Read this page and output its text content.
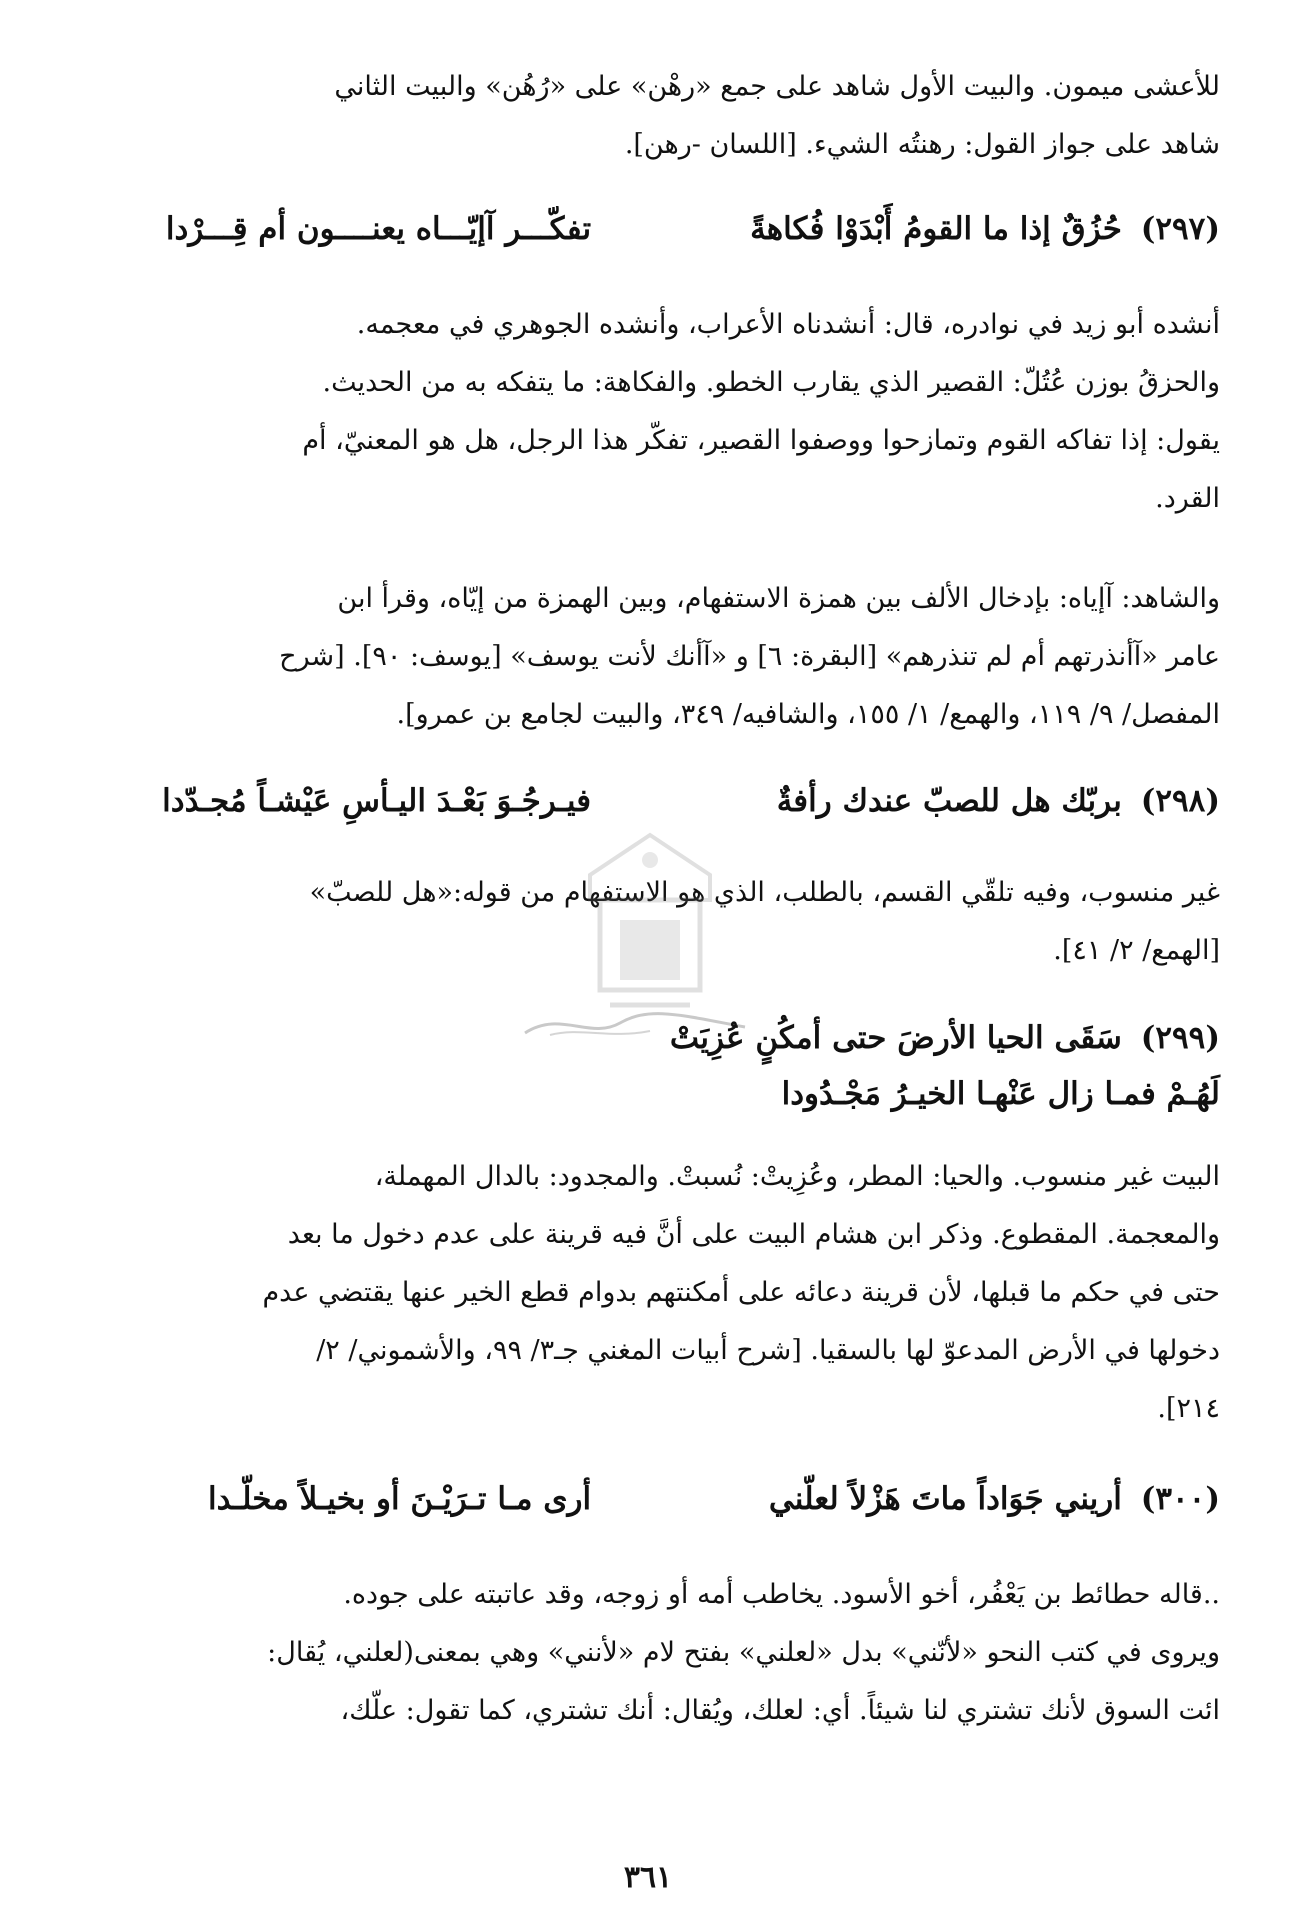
للأعشى ميمون. والبيت الأول شاهد على جمع «رهْن» على «رُهُن» والبيت الثاني
شاهد على جواز القول: رهنتُه الشيء. [اللسان -رهن].
(٢٩٧) حُزُقٌ إذا ما القومُ أَبْدَوْا فُكاهةً تفكّـــر آإيّـــاه يعنــــون أم قِـــرْدا
أنشده أبو زيد في نوادره، قال: أنشدناه الأعراب، وأنشده الجوهري في معجمه.
والحزقُ بوزن عُتُلّ: القصير الذي يقارب الخطو. والفكاهة: ما يتفكه به من الحديث.
يقول: إذا تفاكه القوم وتمازحوا ووصفوا القصير، تفكّر هذا الرجل، هل هو المعنيّ، أم
القرد.
والشاهد: آإياه: بإدخال الألف بين همزة الاستفهام، وبين الهمزة من إيّاه، وقرأ ابن
عامر «آأنذرتهم أم لم تنذرهم» [البقرة: ٦] و «آأنك لأنت يوسف» [يوسف: ٩٠]. [شرح
المفصل/ ٩/ ١١٩، والهمع/ ١/ ١٥٥، والشافيه/ ٣٤٩، والبيت لجامع بن عمرو].
(٢٩٨) بربّك هل للصبّ عندك رأفةٌ فيـرجُـوَ بَعْـدَ اليـأسِ عَيْشـاً مُجـدّدا
غير منسوب، وفيه تلقّي القسم، بالطلب، الذي هو الاستفهام من قوله:«هل للصبّ»
[الهمع/ ٢/ ٤١].
(٢٩٩) سَقَى الحيا الأرضَ حتى أمكُنٍ عُزِيَتْ
لَهُـمْ فمـا زال عَنْهـا الخيـرُ مَجْـدُودا
البيت غير منسوب. والحيا: المطر، وعُزِيتْ: نُسبتْ. والمجدود: بالدال المهملة،
والمعجمة. المقطوع. وذكر ابن هشام البيت على أنَّ فيه قرينة على عدم دخول ما بعد
حتى في حكم ما قبلها، لأن قرينة دعائه على أمكنتهم بدوام قطع الخير عنها يقتضي عدم
دخولها في الأرض المدعوّ لها بالسقيا. [شرح أبيات المغني جـ٣/ ٩٩، والأشموني/ ٢/
٢١٤].
(٣٠٠) أريني جَوَاداً ماتَ هَزْلاً لعلّني أرى مـا تـرَيْـنَ أو بخيـلاً مخلّـدا
..قاله حطائط بن يَعْفُر، أخو الأسود. يخاطب أمه أو زوجه، وقد عاتبته على جوده.
ويروى في كتب النحو «لأنّني» بدل «لعلني» بفتح لام «لأنني» وهي بمعنى(لعلني، يُقال:
ائت السوق لأنك تشتري لنا شيئاً. أي: لعلك، ويُقال: أنك تشتري، كما تقول: علّك،
٣٦١
